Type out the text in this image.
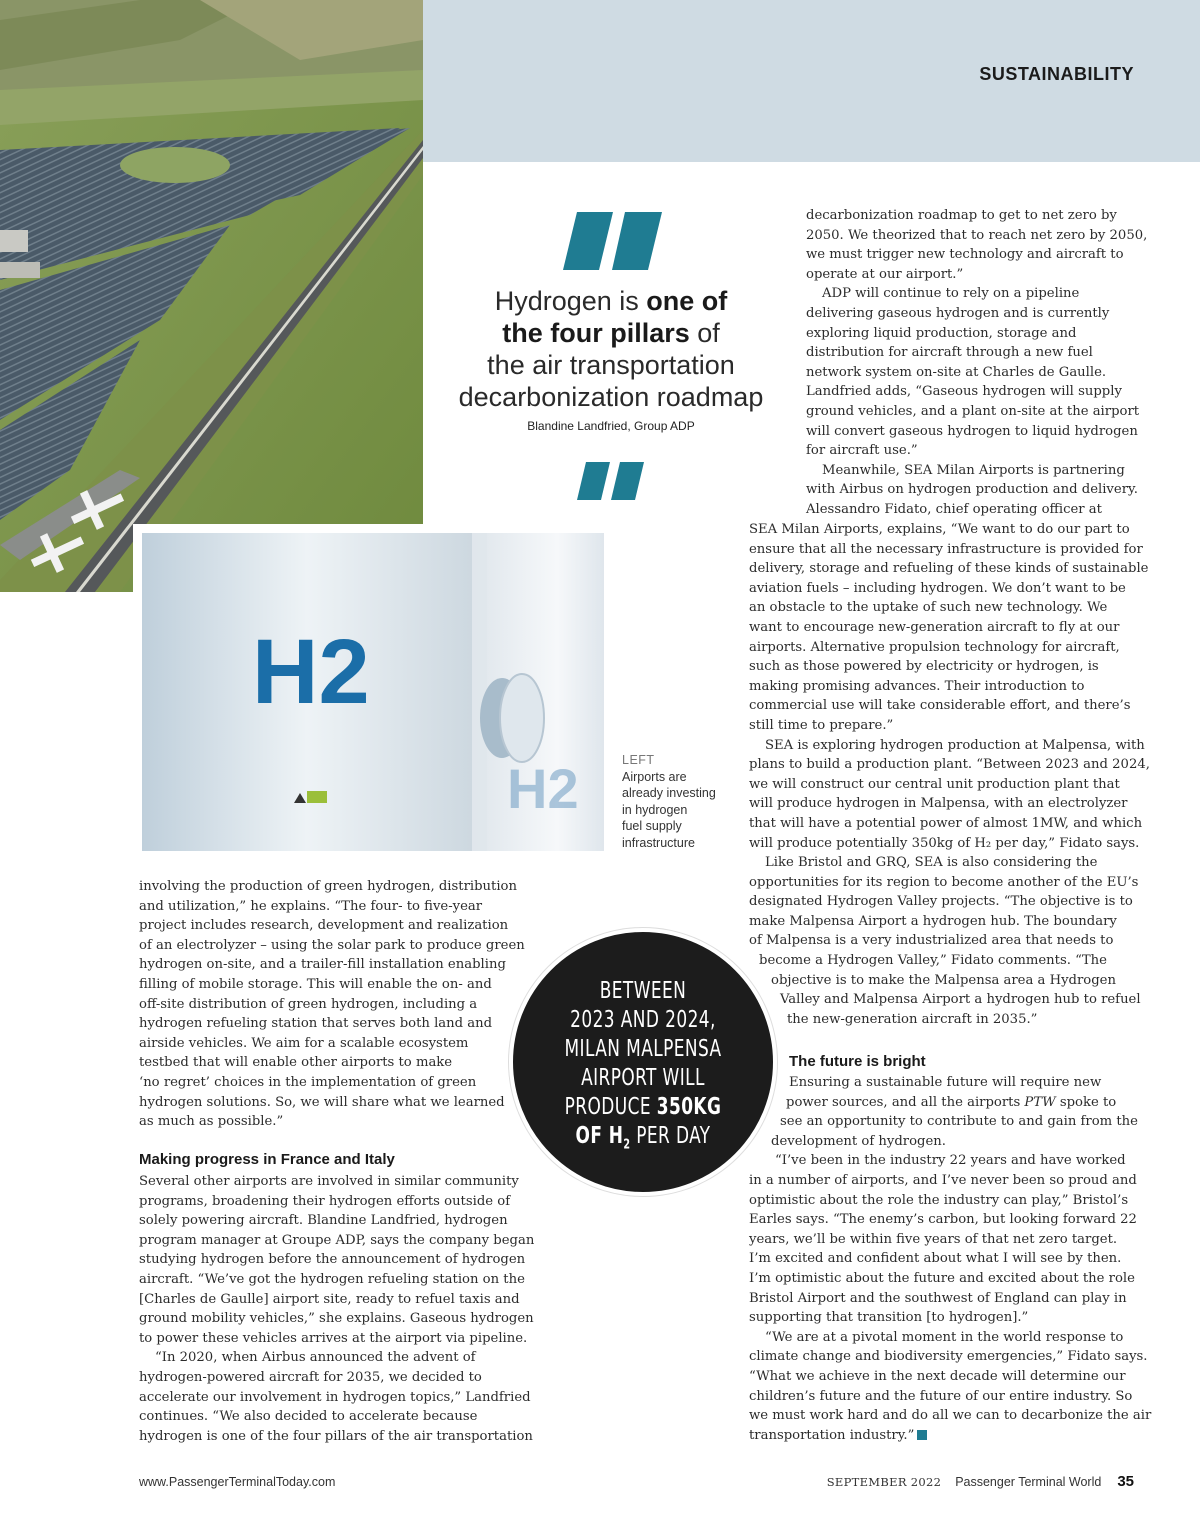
SUSTAINABILITY
H2
H2
Hydrogen is one of
the four pillars of
the air transportation
decarbonization roadmap
Blandine Landfried, Group ADP
LEFT
Airports are
already investing
in hydrogen
fuel supply
infrastructure
involving the production of green hydrogen, distribution
and utilization,” he explains. “The four- to five-year
project includes research, development and realization
of an electrolyzer – using the solar park to produce green
hydrogen on-site, and a trailer-fill installation enabling
filling of mobile storage. This will enable the on- and
off-site distribution of green hydrogen, including a
hydrogen refueling station that serves both land and
airside vehicles. We aim for a scalable ecosystem
testbed that will enable other airports to make
‘no regret’ choices in the implementation of green
hydrogen solutions. So, we will share what we learned
as much as possible.”
Making progress in France and Italy
Several other airports are involved in similar community
programs, broadening their hydrogen efforts outside of
solely powering aircraft. Blandine Landfried, hydrogen
program manager at Groupe ADP, says the company began
studying hydrogen before the announcement of hydrogen
aircraft. “We’ve got the hydrogen refueling station on the
[Charles de Gaulle] airport site, ready to refuel taxis and
ground mobility vehicles,” she explains. Gaseous hydrogen
to power these vehicles arrives at the airport via pipeline.
“In 2020, when Airbus announced the advent of
hydrogen-powered aircraft for 2035, we decided to
accelerate our involvement in hydrogen topics,” Landfried
continues. “We also decided to accelerate because
hydrogen is one of the four pillars of the air transportation
BETWEEN
2023 AND 2024,
MILAN MALPENSA
AIRPORT WILL
PRODUCE 350KG
OF $H_2$ PER DAY
decarbonization roadmap to get to net zero by
2050. We theorized that to reach net zero by 2050,
we must trigger new technology and aircraft to
operate at our airport.”
ADP will continue to rely on a pipeline
delivering gaseous hydrogen and is currently
exploring liquid production, storage and
distribution for aircraft through a new fuel
network system on-site at Charles de Gaulle.
Landfried adds, “Gaseous hydrogen will supply
ground vehicles, and a plant on-site at the airport
will convert gaseous hydrogen to liquid hydrogen
for aircraft use.”
Meanwhile, SEA Milan Airports is partnering
with Airbus on hydrogen production and delivery.
Alessandro Fidato, chief operating officer at
SEA Milan Airports, explains, “We want to do our part to
ensure that all the necessary infrastructure is provided for
delivery, storage and refueling of these kinds of sustainable
aviation fuels – including hydrogen. We don’t want to be
an obstacle to the uptake of such new technology. We
want to encourage new-generation aircraft to fly at our
airports. Alternative propulsion technology for aircraft,
such as those powered by electricity or hydrogen, is
making promising advances. Their introduction to
commercial use will take considerable effort, and there’s
still time to prepare.”
SEA is exploring hydrogen production at Malpensa, with
plans to build a production plant. “Between 2023 and 2024,
we will construct our central unit production plant that
will produce hydrogen in Malpensa, with an electrolyzer
that will have a potential power of almost 1MW, and which
will produce potentially 350kg of H₂ per day,” Fidato says.
Like Bristol and GRQ, SEA is also considering the
opportunities for its region to become another of the EU’s
designated Hydrogen Valley projects. “The objective is to
make Malpensa Airport a hydrogen hub. The boundary
of Malpensa is a very industrialized area that needs to
become a Hydrogen Valley,” Fidato comments. “The
objective is to make the Malpensa area a Hydrogen
Valley and Malpensa Airport a hydrogen hub to refuel
the new-generation aircraft in 2035.”
The future is bright
Ensuring a sustainable future will require new
power sources, and all the airports PTW spoke to
see an opportunity to contribute to and gain from the
development of hydrogen.
“I’ve been in the industry 22 years and have worked
in a number of airports, and I’ve never been so proud and
optimistic about the role the industry can play,” Bristol’s
Earles says. “The enemy’s carbon, but looking forward 22
years, we’ll be within five years of that net zero target.
I’m excited and confident about what I will see by then.
I’m optimistic about the future and excited about the role
Bristol Airport and the southwest of England can play in
supporting that transition [to hydrogen].”
“We are at a pivotal moment in the world response to
climate change and biodiversity emergencies,” Fidato says.
“What we achieve in the next decade will determine our
children’s future and the future of our entire industry. So
we must work hard and do all we can to decarbonize the air
transportation industry.”
www.PassengerTerminalToday.com	SEPTEMBER 2022 Passenger Terminal World 35
